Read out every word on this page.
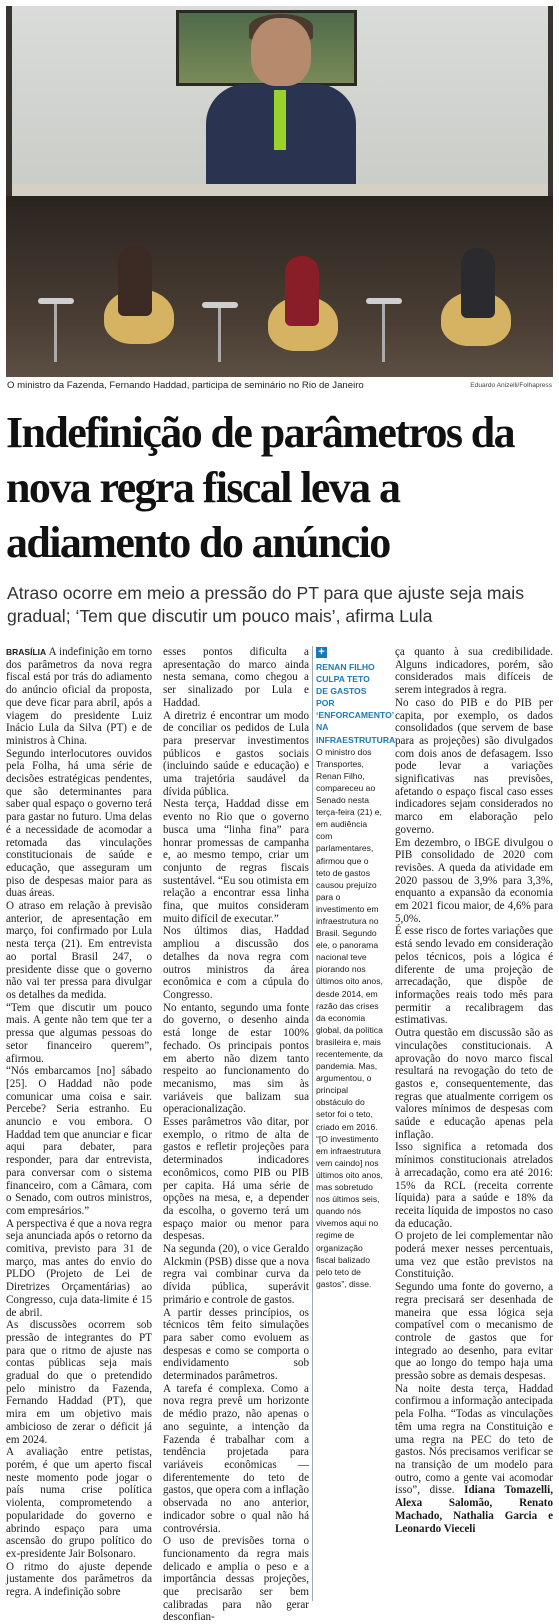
O ministro da Fazenda, Fernando Haddad, participa de seminário no Rio de Janeiro	Eduardo Anizelli/Folhapress
Indefinição de parâmetros da nova regra fiscal leva a adiamento do anúncio
Atraso ocorre em meio a pressão do PT para que ajuste seja mais gradual; ‘Tem que discutir um pouco mais’, afirma Lula

BRASÍLIA A indefinição em torno dos parâmetros da nova regra fiscal está por trás do adiamento do anúncio oficial da proposta, que deve ficar para abril, após a viagem do presidente Luiz Inácio Lula da Silva (PT) e de ministros à China.

Segundo interlocutores ouvidos pela Folha, há uma série de decisões estratégicas pendentes, que são determinantes para saber qual espaço o governo terá para gastar no futuro. Uma delas é a necessidade de acomodar a retomada das vinculações constitucionais de saúde e educação, que asseguram um piso de despesas maior para as duas áreas.

O atraso em relação à previsão anterior, de apresentação em março, foi confirmado por Lula nesta terça (21). Em entrevista ao portal Brasil 247, o presidente disse que o governo não vai ter pressa para divulgar os detalhes da medida.

“Tem que discutir um pouco mais. A gente não tem que ter a pressa que algumas pessoas do setor financeiro querem”, afirmou.

“Nós embarcamos [no] sábado [25]. O Haddad não pode comunicar uma coisa e sair. Percebe? Seria estranho. Eu anuncio e vou embora. O Haddad tem que anunciar e ficar aqui para debater, para responder, para dar entrevista, para conversar com o sistema financeiro, com a Câmara, com o Senado, com outros ministros, com empresários.”

A perspectiva é que a nova regra seja anunciada após o retorno da comitiva, previsto para 31 de março, mas antes do envio do PLDO (Projeto de Lei de Diretrizes Orçamentárias) ao Congresso, cuja data-limite é 15 de abril.

As discussões ocorrem sob pressão de integrantes do PT para que o ritmo de ajuste nas contas públicas seja mais gradual do que o pretendido pelo ministro da Fazenda, Fernando Haddad (PT), que mira em um objetivo mais ambicioso de zerar o déficit já em 2024.

A avaliação entre petistas, porém, é que um aperto fiscal neste momento pode jogar o país numa crise política violenta, comprometendo a popularidade do governo e abrindo espaço para uma ascensão do grupo político do ex-presidente Jair Bolsonaro.

O ritmo do ajuste depende justamente dos parâmetros da regra. A indefinição sobre

esses pontos dificulta a apresentação do marco ainda nesta semana, como chegou a ser sinalizado por Lula e Haddad.

A diretriz é encontrar um modo de conciliar os pedidos de Lula para preservar investimentos públicos e gastos sociais (incluindo saúde e educação) e uma trajetória saudável da dívida pública.

Nesta terça, Haddad disse em evento no Rio que o governo busca uma “linha fina” para honrar promessas de campanha e, ao mesmo tempo, criar um conjunto de regras fiscais sustentável. “Eu sou otimista em relação a encontrar essa linha fina, que muitos consideram muito difícil de executar.”

Nos últimos dias, Haddad ampliou a discussão dos detalhes da nova regra com outros ministros da área econômica e com a cúpula do Congresso.

No entanto, segundo uma fonte do governo, o desenho ainda está longe de estar 100% fechado. Os principais pontos em aberto não dizem tanto respeito ao funcionamento do mecanismo, mas sim às variáveis que balizam sua operacionalização.

Esses parâmetros vão ditar, por exemplo, o ritmo de alta de gastos e refletir projeções para determinados indicadores econômicos, como PIB ou PIB per capita. Há uma série de opções na mesa, e, a depender da escolha, o governo terá um espaço maior ou menor para despesas.

Na segunda (20), o vice Geraldo Alckmin (PSB) disse que a nova regra vai combinar curva da dívida pública, superávit primário e controle de gastos.

A partir desses princípios, os técnicos têm feito simulações para saber como evoluem as despesas e como se comporta o endividamento sob determinados parâmetros.

A tarefa é complexa. Como a nova regra prevê um horizonte de médio prazo, não apenas o ano seguinte, a intenção da Fazenda é trabalhar com a tendência projetada para variáveis econômicas — diferentemente do teto de gastos, que opera com a inflação observada no ano anterior, indicador sobre o qual não há controvérsia.

O uso de previsões torna o funcionamento da regra mais delicado e amplia o peso e a importância dessas projeções, que precisarão ser bem calibradas para não gerar desconfian-

+
RENAN FILHO CULPA TETO DE GASTOS POR ‘ENFORCAMENTO’ NA INFRAESTRUTURA

O ministro dos Transportes, Renan Filho, compareceu ao Senado nesta terça-feira (21) e, em audiência com parlamentares, afirmou que o teto de gastos causou prejuízo para o investimento em infraestrutura no Brasil. Segundo ele, o panorama nacional teve piorando nos últimos oito anos, desde 2014, em razão das crises da economia global, da política brasileira e, mais recentemente, da pandemia. Mas, argumentou, o principal obstáculo do setor foi o teto, criado em 2016. “[O investimento em infraestrutura vem caindo] nos últimos oito anos, mas sobretudo nos últimos seis, quando nós vivemos aqui no regime de organização fiscal balizado pelo teto de gastos”, disse.

ça quanto à sua credibilidade. Alguns indicadores, porém, são considerados mais difíceis de serem integrados à regra.

No caso do PIB e do PIB per capita, por exemplo, os dados consolidados (que servem de base para as projeções) são divulgados com dois anos de defasagem. Isso pode levar a variações significativas nas previsões, afetando o espaço fiscal caso esses indicadores sejam considerados no marco em elaboração pelo governo.

Em dezembro, o IBGE divulgou o PIB consolidado de 2020 com revisões. A queda da atividade em 2020 passou de 3,9% para 3,3%, enquanto a expansão da economia em 2021 ficou maior, de 4,6% para 5,0%.

É esse risco de fortes variações que está sendo levado em consideração pelos técnicos, pois a lógica é diferente de uma projeção de arrecadação, que dispõe de informações reais todo mês para permitir a recalibragem das estimativas.

Outra questão em discussão são as vinculações constitucionais. A aprovação do novo marco fiscal resultará na revogação do teto de gastos e, consequentemente, das regras que atualmente corrigem os valores mínimos de despesas com saúde e educação apenas pela inflação.

Isso significa a retomada dos mínimos constitucionais atrelados à arrecadação, como era até 2016: 15% da RCL (receita corrente líquida) para a saúde e 18% da receita líquida de impostos no caso da educação.

O projeto de lei complementar não poderá mexer nesses percentuais, uma vez que estão previstos na Constituição.

Segundo uma fonte do governo, a regra precisará ser desenhada de maneira que essa lógica seja compatível com o mecanismo de controle de gastos que for integrado ao desenho, para evitar que ao longo do tempo haja uma pressão sobre as demais despesas.

Na noite desta terça, Haddad confirmou a informação antecipada pela Folha. “Todas as vinculações têm uma regra na Constituição e uma regra na PEC do teto de gastos. Nós precisamos verificar se na transição de um modelo para outro, como a gente vai acomodar isso”, disse. Idiana Tomazelli, Alexa Salomão, Renato Machado, Nathalia Garcia e Leonardo Vieceli
